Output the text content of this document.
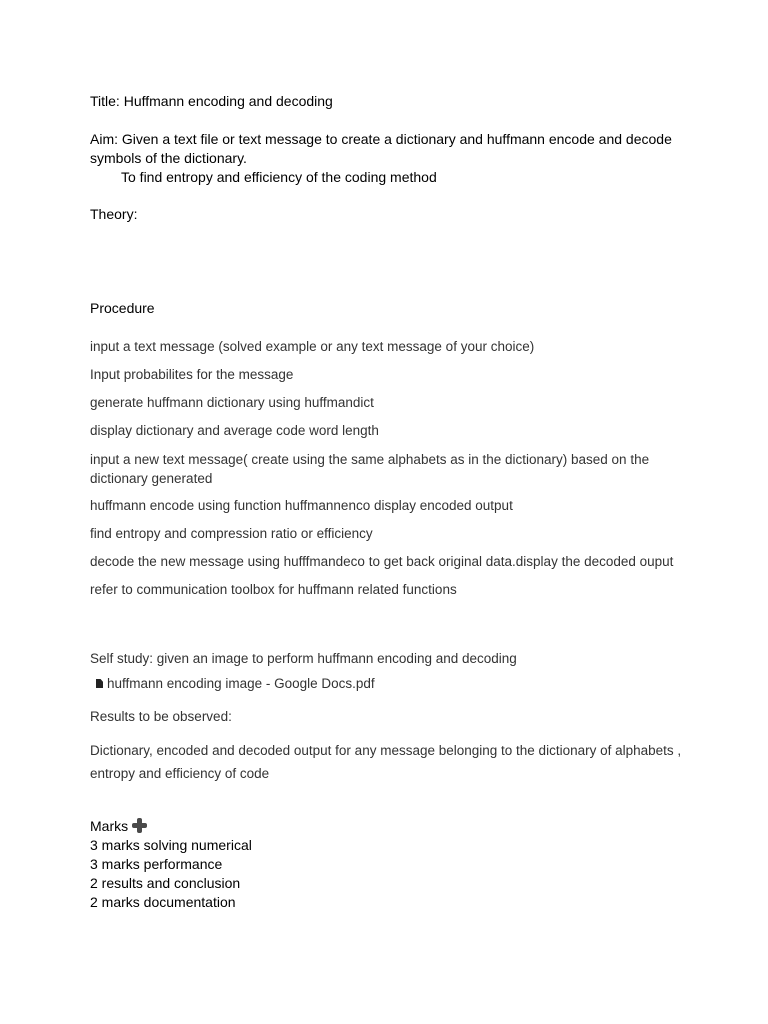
Title: Huffmann encoding and decoding

Aim: Given a text file or text message to create a dictionary and huffmann encode and decode symbols of the dictionary.

To find entropy and efficiency of the coding method

Theory:

Procedure

input a text message (solved example or any text message of your choice)

Input probabilites for the message

generate huffmann dictionary using huffmandict

display dictionary and average code word length

input a new text message( create using the same alphabets as in the dictionary) based on the dictionary generated

huffmann encode using function huffmannenco display encoded output

find entropy and compression ratio or efficiency

decode the new message using hufffmandeco to get back original data.display the decoded ouput

refer to communication toolbox for huffmann related functions

Self study: given an image to perform huffmann encoding and decoding

huffmann encoding image - Google Docs.pdf

Results to be observed:

Dictionary, encoded and decoded output for any message belonging to the dictionary of alphabets , entropy and efficiency of code

Marks

3 marks solving numerical

3 marks performance

2 results and conclusion

2 marks documentation
